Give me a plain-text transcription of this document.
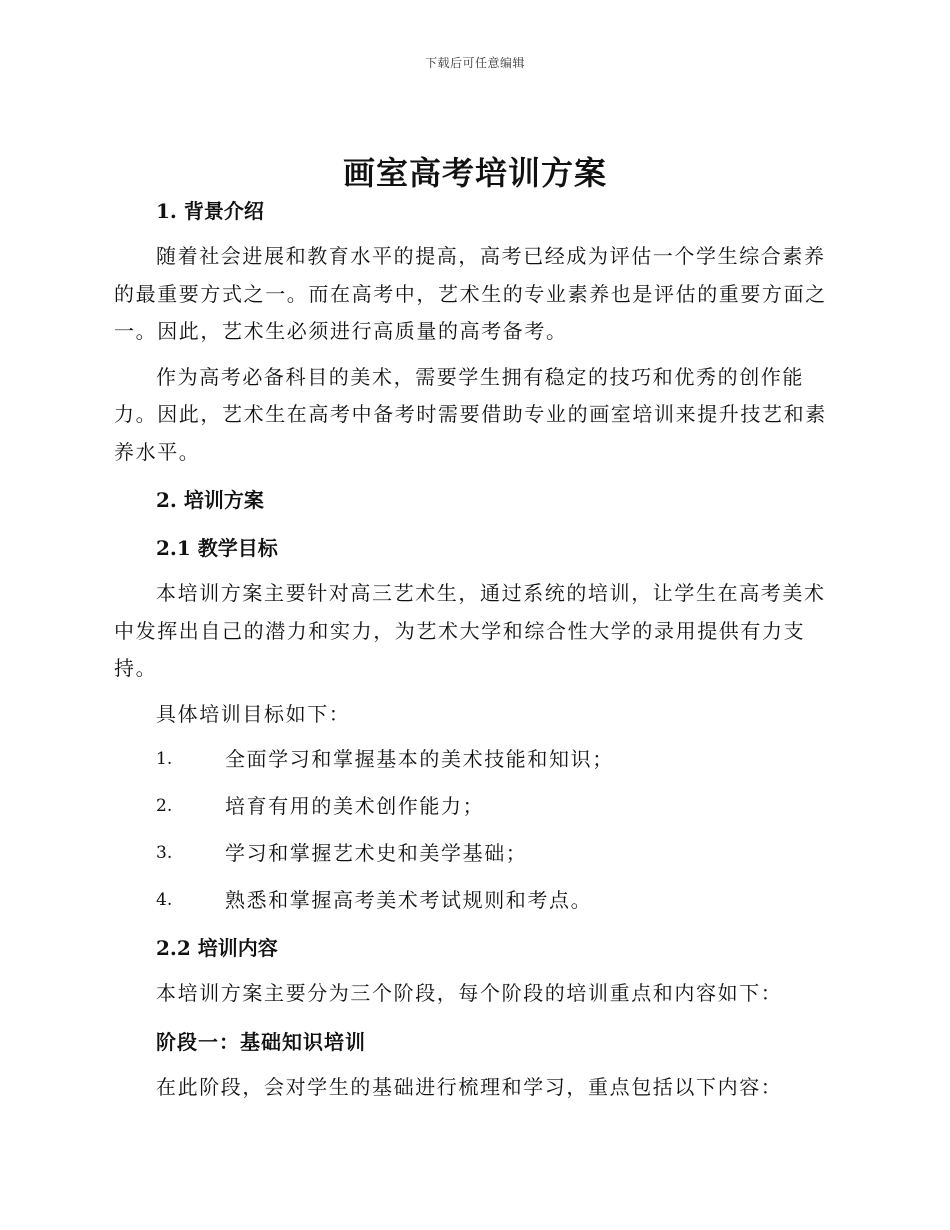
下载后可任意编辑
画室高考培训方案

1. 背景介绍

随着社会进展和教育水平的提高，高考已经成为评估一个学生综合素养的最重要方式之一。而在高考中，艺术生的专业素养也是评估的重要方面之一。因此，艺术生必须进行高质量的高考备考。

作为高考必备科目的美术，需要学生拥有稳定的技巧和优秀的创作能力。因此，艺术生在高考中备考时需要借助专业的画室培训来提升技艺和素养水平。

2. 培训方案

2.1 教学目标

本培训方案主要针对高三艺术生，通过系统的培训，让学生在高考美术中发挥出自己的潜力和实力，为艺术大学和综合性大学的录用提供有力支持。

具体培训目标如下：

1.	全面学习和掌握基本的美术技能和知识；
2.	培育有用的美术创作能力；
3.	学习和掌握艺术史和美学基础；
4.	熟悉和掌握高考美术考试规则和考点。

2.2 培训内容

本培训方案主要分为三个阶段，每个阶段的培训重点和内容如下：

阶段一：基础知识培训

在此阶段，会对学生的基础进行梳理和学习，重点包括以下内容：
